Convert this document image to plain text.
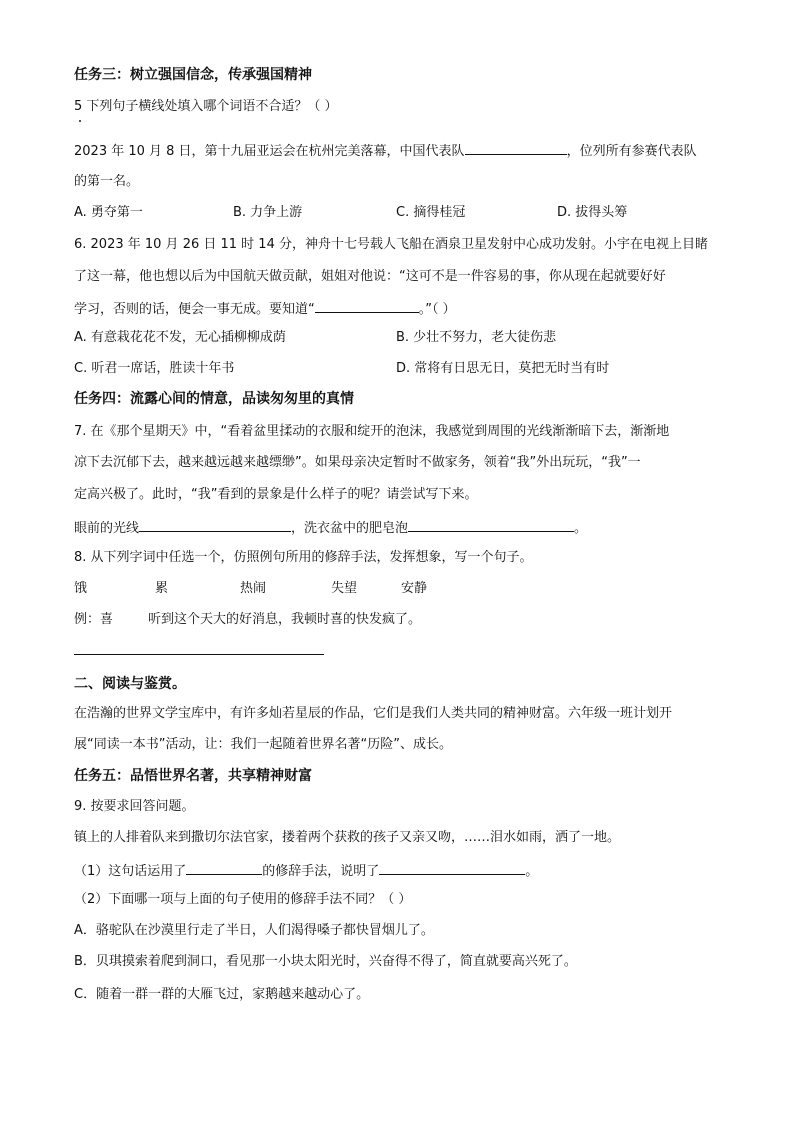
任务三：树立强国信念，传承强国精神
5 下列句子横线处填入哪个词语不合适？（ ）
2023 年 10 月 8 日，第十九届亚运会在杭州完美落幕，中国代表队	，位列所有参赛代表队
的第一名。
A. 勇夺第一	B. 力争上游	C. 摘得桂冠	D. 拔得头筹
6. 2023 年 10 月 26 日 11 时 14 分，神舟十七号载人飞船在酒泉卫星发射中心成功发射。小宇在电视上目睹
了这一幕，他也想以后为中国航天做贡献，姐姐对他说：“这可不是一件容易的事，你从现在起就要好好
学习，否则的话，便会一事无成。要知道“	。”（ ）
A. 有意栽花花不发，无心插柳柳成荫	B. 少壮不努力，老大徒伤悲
C. 听君一席话，胜读十年书	D. 常将有日思无日，莫把无时当有时
任务四：流露心间的情意，品读匆匆里的真情
7. 在《那个星期天》中，“看着盆里揉动的衣服和绽开的泡沫，我感觉到周围的光线渐渐暗下去，渐渐地
凉下去沉郁下去，越来越远越来越缥缈”。如果母亲决定暂时不做家务，领着“我”外出玩玩，“我”一
定高兴极了。此时，“我”看到的景象是什么样子的呢？请尝试写下来。
眼前的光线	，洗衣盆中的肥皂泡	。
8. 从下列字词中任选一个，仿照例句所用的修辞手法，发挥想象，写一个句子。
饿	累	热闹	失望	安静
例：喜	听到这个天大的好消息，我顿时喜的快发疯了。
二、阅读与鉴赏。
在浩瀚的世界文学宝库中，有许多灿若星辰的作品，它们是我们人类共同的精神财富。六年级一班计划开
展“同读一本书”活动，让：我们一起随着世界名著“历险”、成长。
任务五：品悟世界名著，共享精神财富
9. 按要求回答问题。
镇上的人排着队来到撒切尔法官家，搂着两个获救的孩子又亲又吻，……泪水如雨，洒了一地。
（1）这句话运用了	的修辞手法，说明了	。
（2）下面哪一项与上面的句子使用的修辞手法不同？（ ）
A．骆驼队在沙漠里行走了半日，人们渴得嗓子都快冒烟儿了。
B．贝琪摸索着爬到洞口，看见那一小块太阳光时，兴奋得不得了，简直就要高兴死了。
C．随着一群一群的大雁飞过，家鹅越来越动心了。
